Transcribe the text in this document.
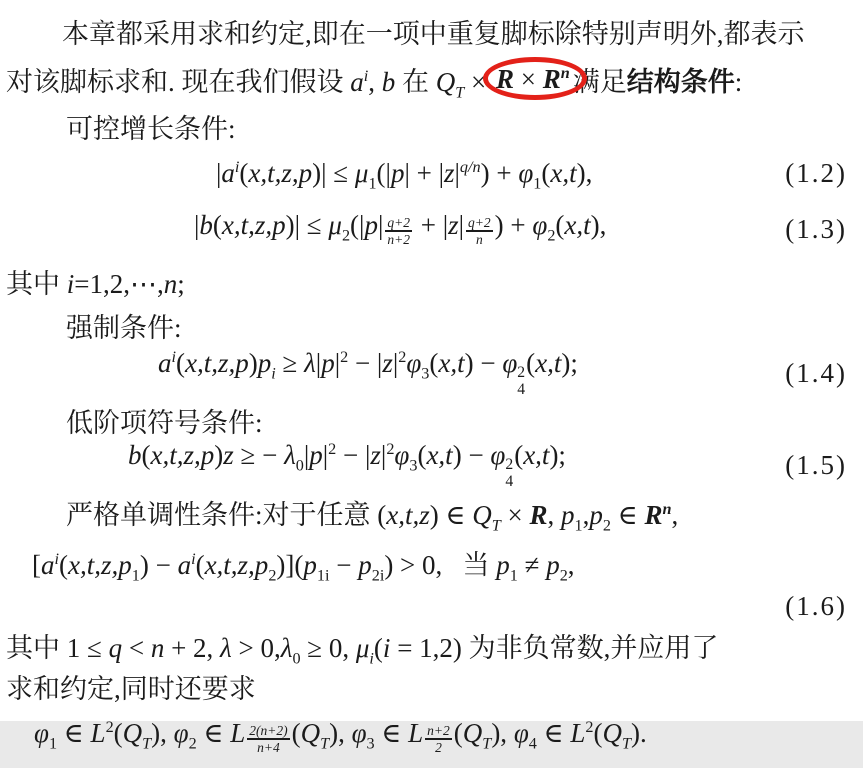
本章都采用求和约定,即在一项中重复脚标除特别声明外,都表示
对该脚标求和. 现在我们假设 $a^i$, b 在 $Q_T \times R \times R^n$ 满足结构条件:
可控增长条件:
$|a^i(x,t,z,p)| \le \mu_1(|p| + |z|^{q/n}) + \varphi_1(x,t)$,	(1.2)
$|b(x,t,z,p)| \le \mu_2(|p| \frac{q+2}{n+2} + |z| \frac{q+2}{n}$ ) + $\varphi_2(x,t)$,	(1.3)
其中 i=1,2,⋯,n;
强制条件:
$a^i(x,t,z,p)p_i \ge \lambda|p|^2 - |z|^2\varphi_3(x,t) - \varphi$ 2
4
(x,t);	(1.4)
低阶项符号条件:
b(x,t,z,p)z ≥ − $\lambda_0|p|^2 - |z|^2\varphi_3(x,t) - \varphi$ 2
4
(x,t);	(1.5)
严格单调性条件:对于任意 (x,t,z) ∈ $Q_T \times R$, $p_1,p_2$ ∈ $R^n$,
$[a^i(x,t,z,p_1) - a^i(x,t,z,p_2)](p_{1i} - p_{2i}) > 0$,   当 $p_1 \ne p_2$,
(1.6)
其中 1 ≤ q < n + 2, $\lambda > 0,\lambda_0 \ge 0$, $\mu_i(i = 1,2)$ 为非负常数,并应用了
求和约定,同时还要求
$\varphi_1$ ∈ $L^2(Q_T)$, $\varphi_2$ ∈ L $\frac{2(n+2)}{n+4} (Q_T)$, $\varphi_3$ ∈ L $\frac{n+2}{2} (Q_T)$, $\varphi_4$ ∈ $L^2(Q_T)$.
